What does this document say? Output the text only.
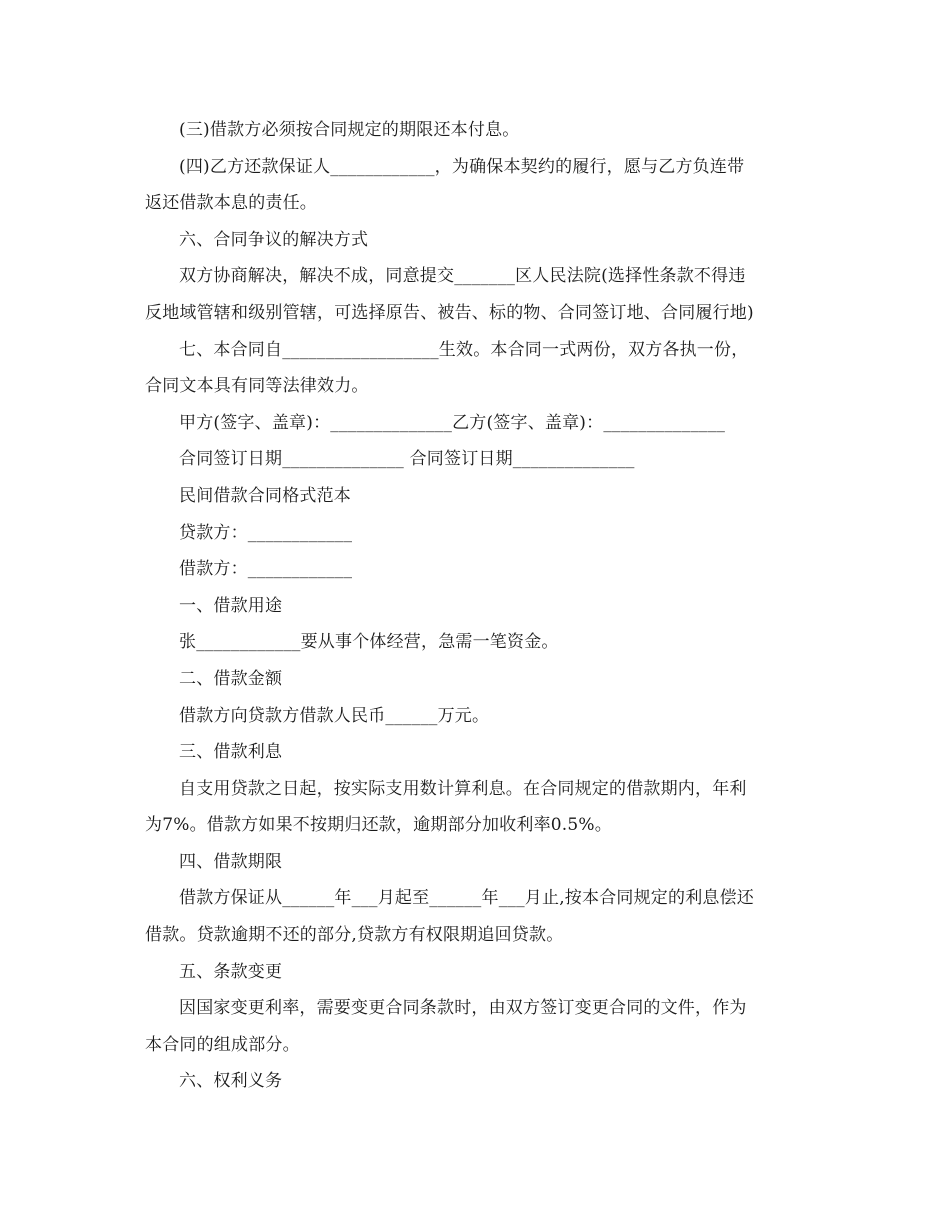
(三)借款方必须按合同规定的期限还本付息。

(四)乙方还款保证人____________，为确保本契约的履行，愿与乙方负连带

返还借款本息的责任。

六、合同争议的解决方式

双方协商解决，解决不成，同意提交_______区人民法院(选择性条款不得违

反地域管辖和级别管辖，可选择原告、被告、标的物、合同签订地、合同履行地)

七、本合同自__________________生效。本合同一式两份，双方各执一份，

合同文本具有同等法律效力。

甲方(签字、盖章)：______________乙方(签字、盖章)：______________

合同签订日期______________ 合同签订日期______________

民间借款合同格式范本

贷款方：____________

借款方：____________

一、借款用途

张____________要从事个体经营，急需一笔资金。

二、借款金额

借款方向贷款方借款人民币______万元。

三、借款利息

自支用贷款之日起，按实际支用数计算利息。在合同规定的借款期内，年利

为7%。借款方如果不按期归还款，逾期部分加收利率0.5%。

四、借款期限

借款方保证从______年___月起至______年___月止,按本合同规定的利息偿还

借款。贷款逾期不还的部分,贷款方有权限期追回贷款。

五、条款变更

因国家变更利率，需要变更合同条款时，由双方签订变更合同的文件，作为

本合同的组成部分。

六、权利义务
